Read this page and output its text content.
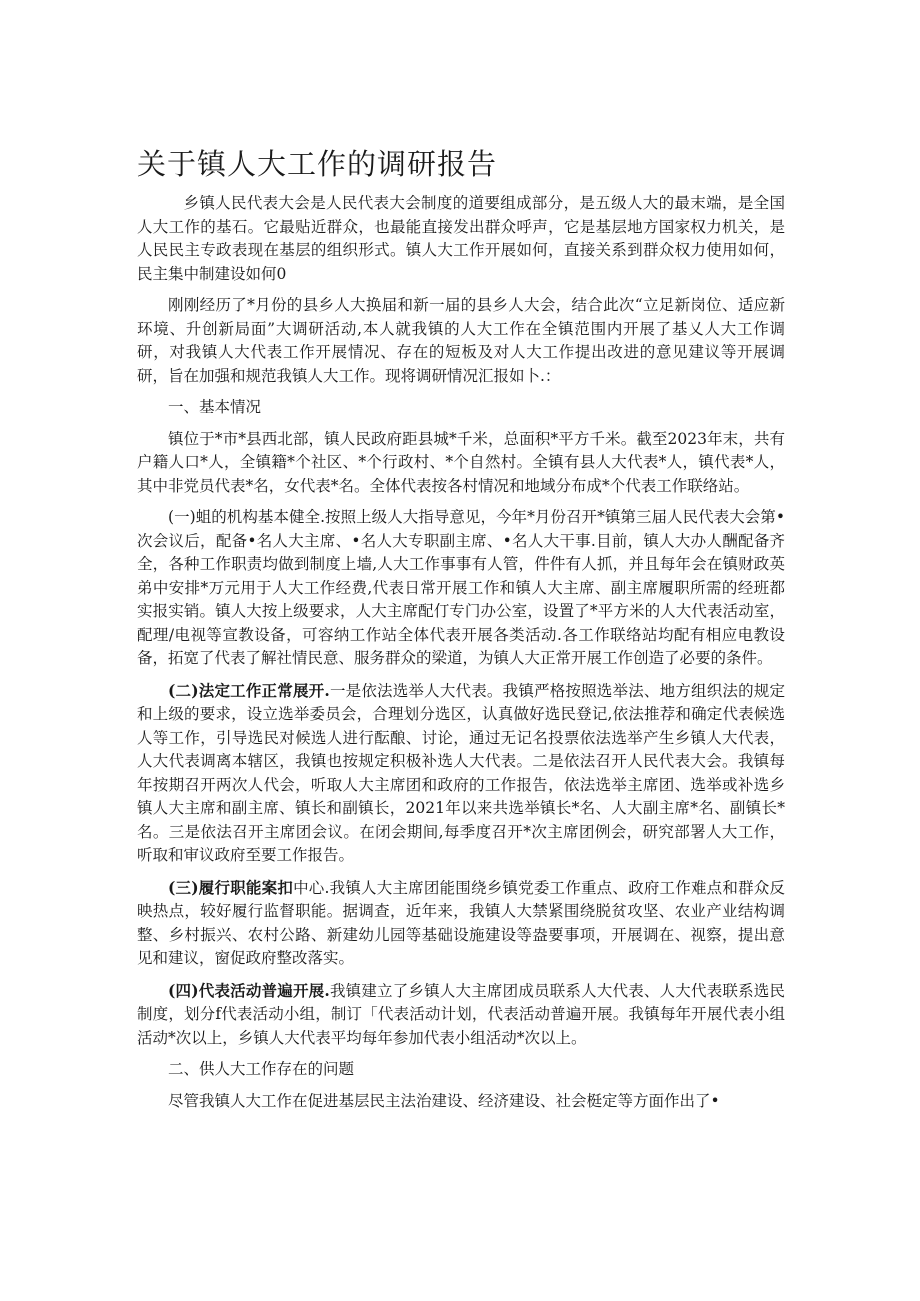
关于镇人大工作的调研报告

乡镇人民代表大会是人民代表大会制度的道要组成部分，是五级人大的最末端，是全国人大工作的基石。它最贴近群众，也最能直接发出群众呼声，它是基层地方国家权力机关，是人民民主专政表现在基层的组织形式。镇人大工作开展如何，直接关系到群众权力使用如何，民主集中制建设如何0

刚刚经历了*月份的县乡人大换届和新一届的县乡人大会，结合此次“立足新岗位、适应新环境、升创新局面”大调研活动,本人就我镇的人大工作在全镇范围内开展了基乂人大工作调研，对我镇人大代表工作开展情况、存在的短板及对人大工作提出改进的意见建议等开展调研，旨在加强和规范我镇人大工作。现将调研情况汇报如卜.：

一、基本情况

镇位于*市*县西北部，镇人民政府距县城*千米，总面积*平方千米。截至2023年末，共有户籍人口*人，全镇籍*个社区、*个行政村、*个自然村。全镇有县人大代表*人，镇代表*人，其中非党员代表*名，女代表*名。全体代表按各村情况和地域分布成*个代表工作联络站。

(一)蛆的机构基本健全.按照上级人大指导意见，今年*月份召开*镇第三届人民代表大会第•次会议后，配备•名人大主席、•名人大专职副主席、•名人大干事.目前，镇人大办人酬配备齐全，各种工作职责均做到制度上墙,人大工作事事有人管，件件有人抓，并且每年会在镇财政英弟中安排*万元用于人大工作经费,代表日常开展工作和镇人大主席、副主席履职所需的经班都实报实销。镇人大按上级要求，人大主席配仃专门办公室，设置了*平方米的人大代表活动室，配理/电视等宣教设备，可容纳工作站全体代表开展各类活动.各工作联络站均配有相应电教设备，拓宽了代表了解社情民意、服务群众的梁道，为镇人大正常开展工作创造了必要的条件。

(二)法定工作正常展开.一是依法选举人大代表。我镇严格按照选举法、地方组织法的规定和上级的要求，设立选举委员会，合理划分选区，认真做好选民登记,依法推荐和确定代表候选人等工作，引导选民对候选人进行酝酿、讨论，通过无记名投票依法选举产生乡镇人大代表，人大代表调离本辖区，我镇也按规定积极补选人大代表。二是依法召开人民代表大会。我镇每年按期召开两次人代会，听取人大主席团和政府的工作报告，依法选举主席团、选举或补选乡镇人大主席和副主席、镇长和副镇长，2021年以来共选举镇长*名、人大副主席*名、副镇长*名。三是依法召开主席团会议。在闭会期间,每季度召开*次主席团例会，研究部署人大工作，听取和审议政府至要工作报告。

(三)履行职能案扣中心.我镇人大主席团能围绕乡镇党委工作重点、政府工作难点和群众反映热点，较好履行监督职能。据调查，近年来，我镇人大禁紧围绕脱贫攻坚、农业产业结构调整、乡村振兴、农村公路、新建幼儿园等基础设施建设等盎要事项，开展调在、视察，提出意见和建议，窗促政府整改落实。

(四)代表活动普遍开展.我镇建立了乡镇人大主席团成员联系人大代表、人大代表联系选民制度，划分f代表活动小组，制订「代表活动计划，代表活动普遍开展。我镇每年开展代表小组活动*次以上，乡镇人大代表平均每年参加代表小组活动*次以上。

二、供人大工作存在的问题

尽管我镇人大工作在促进基层民主法治建设、经济建设、社会梃定等方面作出了•
